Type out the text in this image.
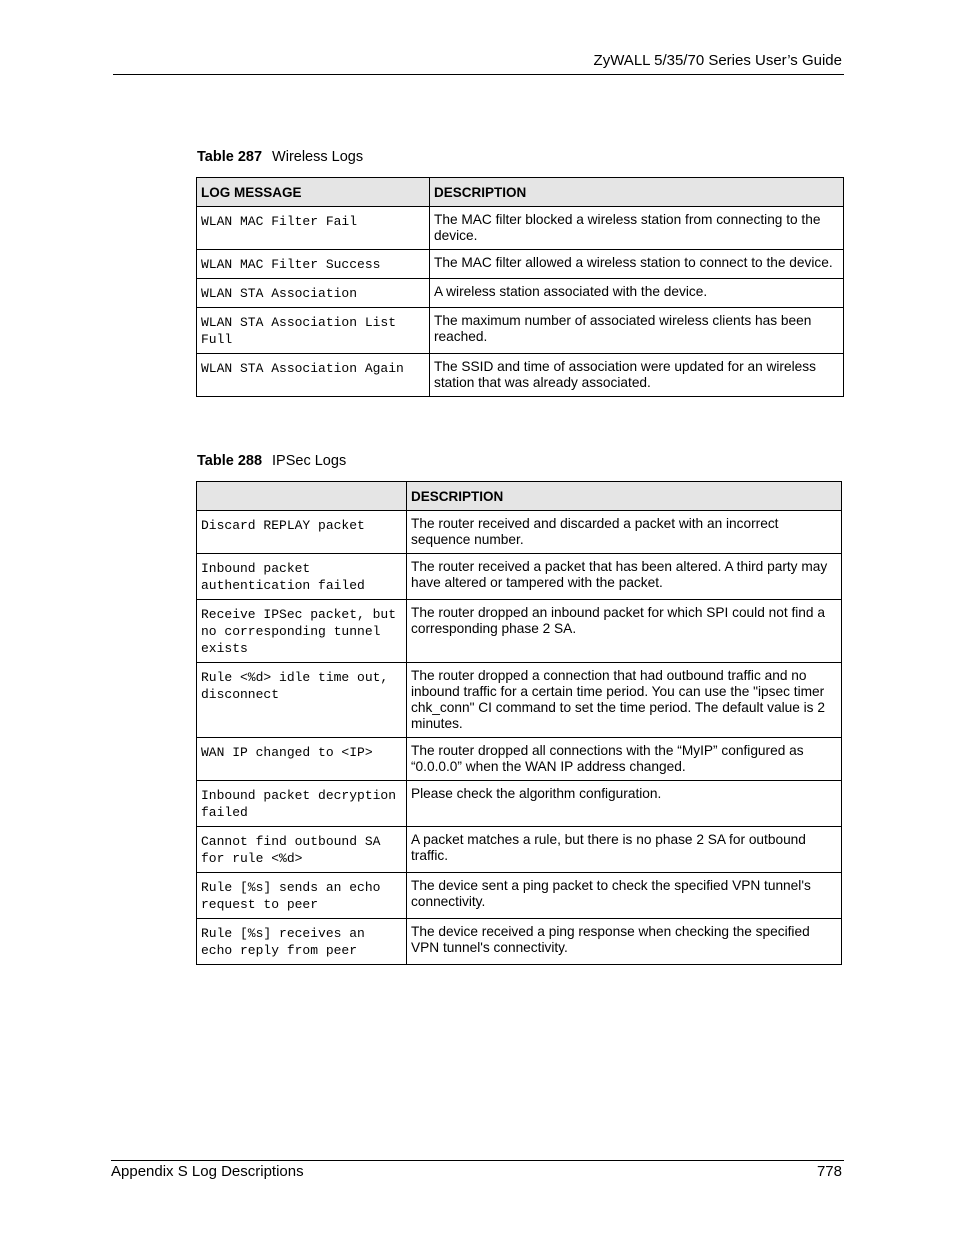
ZyWALL 5/35/70 Series User’s Guide
Table 287 Wireless Logs
LOG MESSAGE	DESCRIPTION
WLAN MAC Filter Fail	The MAC filter blocked a wireless station from connecting to the device.
WLAN MAC Filter Success	The MAC filter allowed a wireless station to connect to the device.
WLAN STA Association	A wireless station associated with the device.
WLAN STA Association List Full	The maximum number of associated wireless clients has been reached.
WLAN STA Association Again	The SSID and time of association were updated for an wireless station that was already associated.
Table 288 IPSec Logs
	DESCRIPTION
Discard REPLAY packet	The router received and discarded a packet with an incorrect sequence number.
Inbound packet authentication failed	The router received a packet that has been altered. A third party may have altered or tampered with the packet.
Receive IPSec packet, but no corresponding tunnel exists	The router dropped an inbound packet for which SPI could not find a corresponding phase 2 SA.
Rule <%d> idle time out, disconnect	The router dropped a connection that had outbound traffic and no inbound traffic for a certain time period. You can use the "ipsec timer chk_conn" CI command to set the time period. The default value is 2 minutes.
WAN IP changed to <IP>	The router dropped all connections with the “MyIP” configured as “0.0.0.0” when the WAN IP address changed.
Inbound packet decryption failed	Please check the algorithm configuration.
Cannot find outbound SA for rule <%d>	A packet matches a rule, but there is no phase 2 SA for outbound traffic.
Rule [%s] sends an echo request to peer	The device sent a ping packet to check the specified VPN tunnel's connectivity.
Rule [%s] receives an echo reply from peer	The device received a ping response when checking the specified VPN tunnel's connectivity.
Appendix S Log Descriptions	778
